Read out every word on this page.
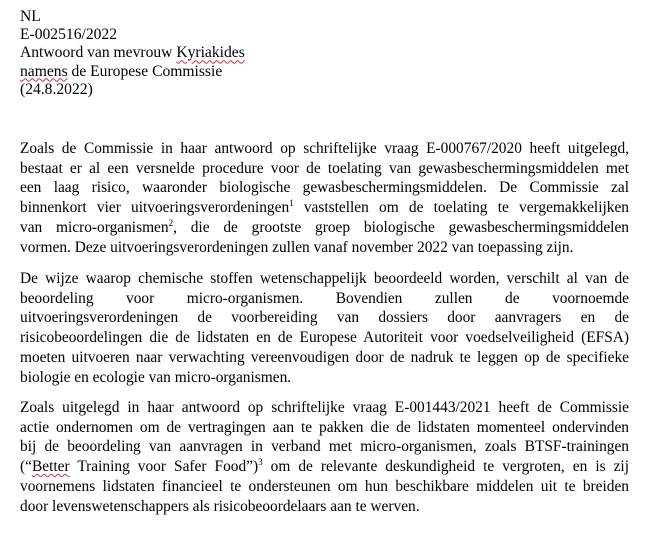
NL
E-002516/2022
Antwoord van mevrouw Kyriakides
namens de Europese Commissie
(24.8.2022)

Zoals de Commissie in haar antwoord op schriftelijke vraag E-000767/2020 heeft uitgelegd,
bestaat er al een versnelde procedure voor de toelating van gewasbeschermingsmiddelen met
een laag risico, waaronder biologische gewasbeschermingsmiddelen. De Commissie zal
binnenkort vier uitvoeringsverordeningen$^1$ vaststellen om de toelating te vergemakkelijken
van micro-organismen$^2$, die de grootste groep biologische gewasbeschermingsmiddelen
vormen. Deze uitvoeringsverordeningen zullen vanaf november 2022 van toepassing zijn.

De wijze waarop chemische stoffen wetenschappelijk beoordeeld worden, verschilt al van de
beoordeling voor micro-organismen. Bovendien zullen de voornoemde
uitvoeringsverordeningen de voorbereiding van dossiers door aanvragers en de
risicobeoordelingen die de lidstaten en de Europese Autoriteit voor voedselveiligheid (EFSA)
moeten uitvoeren naar verwachting vereenvoudigen door de nadruk te leggen op de specifieke
biologie en ecologie van micro-organismen.

Zoals uitgelegd in haar antwoord op schriftelijke vraag E-001443/2021 heeft de Commissie
actie ondernomen om de vertragingen aan te pakken die de lidstaten momenteel ondervinden
bij de beoordeling van aanvragen in verband met micro-organismen, zoals BTSF-trainingen
(“Better Training voor Safer Food”)$^3$ om de relevante deskundigheid te vergroten, en is zij
voornemens lidstaten financieel te ondersteunen om hun beschikbare middelen uit te breiden
door levenswetenschappers als risicobeoordelaars aan te werven.
